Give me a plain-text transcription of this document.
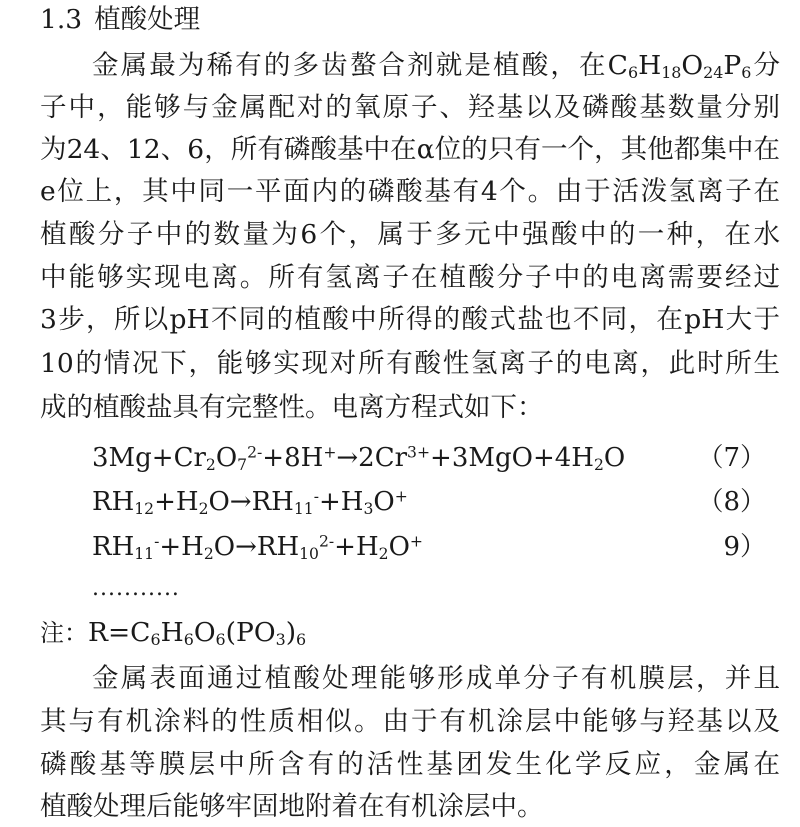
1.3 植酸处理
金属最为稀有的多齿螯合剂就是植酸，在$C_6H_{18}O_{24}P_6$分
子中，能够与金属配对的氧原子、羟基以及磷酸基数量分别
为24、12、6，所有磷酸基中在α位的只有一个，其他都集中在
e位上，其中同一平面内的磷酸基有4个。由于活泼氢离子在
植酸分子中的数量为6个，属于多元中强酸中的一种，在水
中能够实现电离。所有氢离子在植酸分子中的电离需要经过
3步，所以pH不同的植酸中所得的酸式盐也不同，在pH大于
10的情况下，能够实现对所有酸性氢离子的电离，此时所生
成的植酸盐具有完整性。电离方程式如下：
$3Mg+Cr_2O_7^{2-}+8H^+\to 2Cr^{3+}+3MgO+4H_2O$	（7）
$RH_{12}+H_2O\to RH_{11}^-+H_3O^+$	（8）
$RH_{11}^-+H_2O\to RH_{10}^{2-}+H_2O^+$	9）
...........
注：$R=C_6H_6O_6(PO_3)_6$
金属表面通过植酸处理能够形成单分子有机膜层，并且
其与有机涂料的性质相似。由于有机涂层中能够与羟基以及
磷酸基等膜层中所含有的活性基团发生化学反应，金属在
植酸处理后能够牢固地附着在有机涂层中。
